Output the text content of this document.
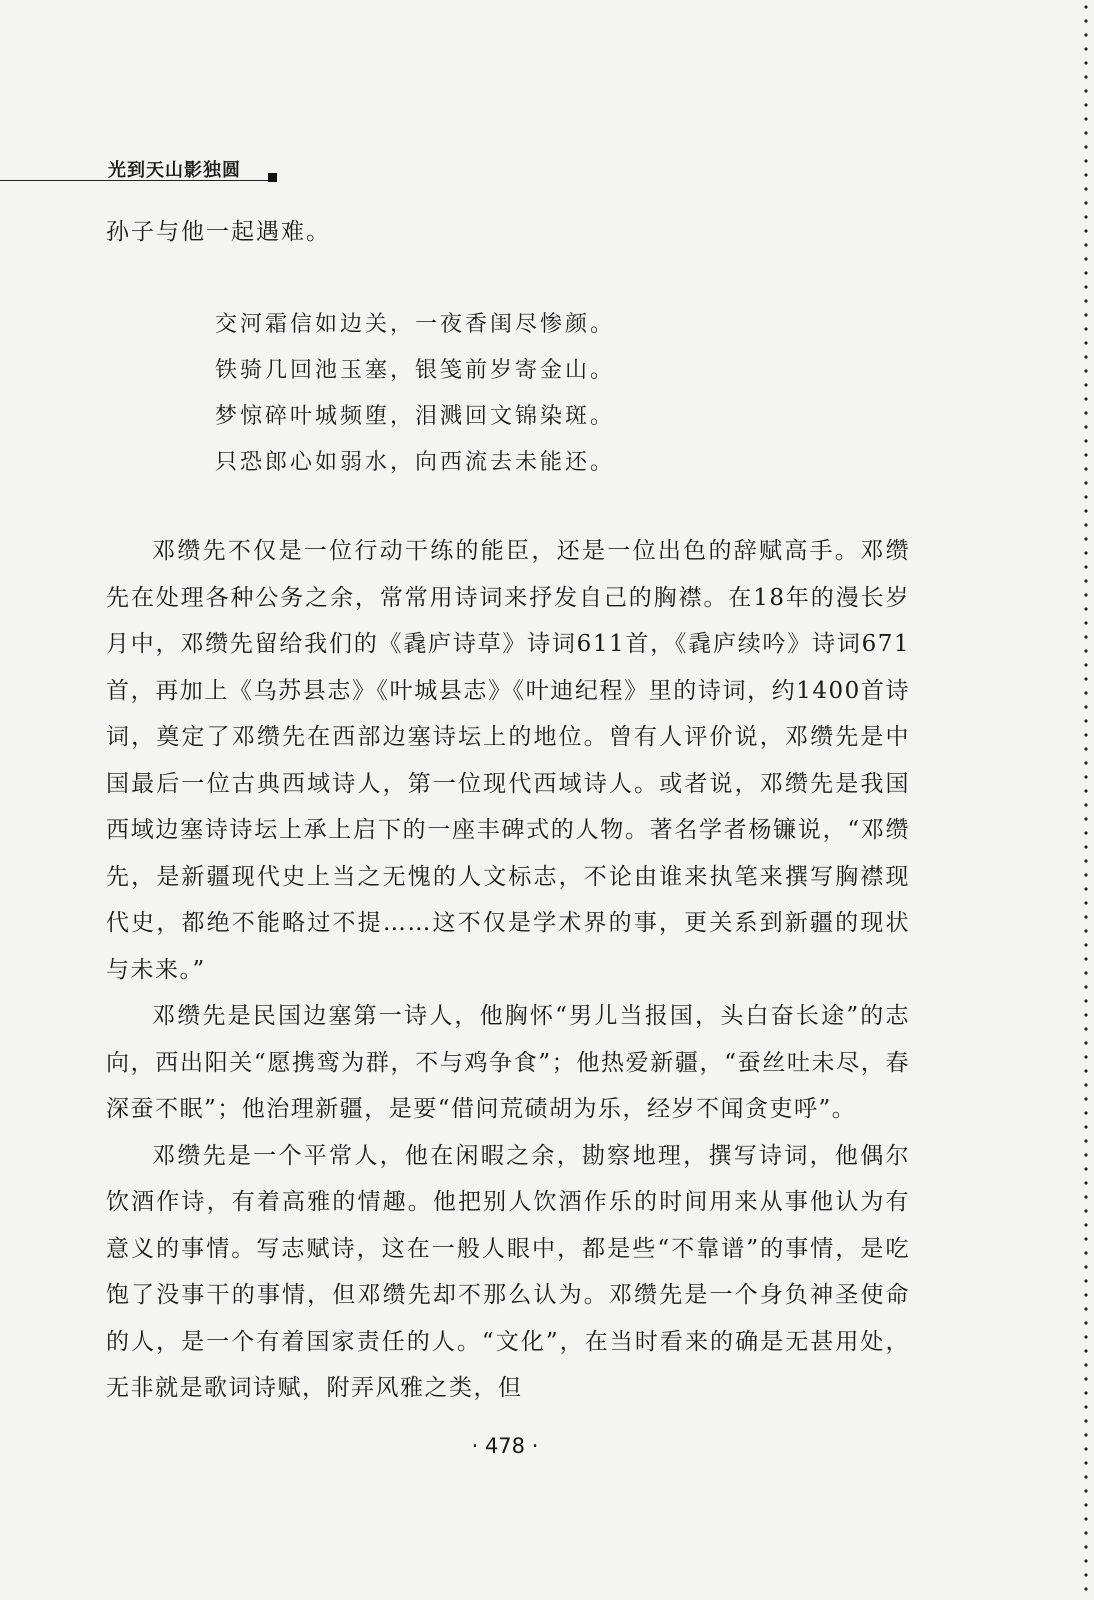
光到天山影独圆
孙子与他一起遇难。
交河霜信如边关，一夜香闺尽惨颜。
铁骑几回池玉塞，银笺前岁寄金山。
梦惊碎叶城频堕，泪溅回文锦染斑。
只恐郎心如弱水，向西流去未能还。

邓缵先不仅是一位行动干练的能臣，还是一位出色的辞赋高手。邓缵先在处理各种公务之余，常常用诗词来抒发自己的胸襟。在18年的漫长岁月中，邓缵先留给我们的《毳庐诗草》诗词611首，《毳庐续吟》诗词671首，再加上《乌苏县志》《叶城县志》《叶迪纪程》里的诗词，约1400首诗词，奠定了邓缵先在西部边塞诗坛上的地位。曾有人评价说，邓缵先是中国最后一位古典西域诗人，第一位现代西域诗人。或者说，邓缵先是我国西域边塞诗诗坛上承上启下的一座丰碑式的人物。著名学者杨镰说，“邓缵先，是新疆现代史上当之无愧的人文标志，不论由谁来执笔来撰写胸襟现代史，都绝不能略过不提……这不仅是学术界的事，更关系到新疆的现状与未来。”

邓缵先是民国边塞第一诗人，他胸怀“男儿当报国，头白奋长途”的志向，西出阳关“愿携鸾为群，不与鸡争食”；他热爱新疆，“蚕丝吐未尽，春深蚕不眠”；他治理新疆，是要“借问荒碛胡为乐，经岁不闻贪吏呼”。

邓缵先是一个平常人，他在闲暇之余，勘察地理，撰写诗词，他偶尔饮酒作诗，有着高雅的情趣。他把别人饮酒作乐的时间用来从事他认为有意义的事情。写志赋诗，这在一般人眼中，都是些“不靠谱”的事情，是吃饱了没事干的事情，但邓缵先却不那么认为。邓缵先是一个身负神圣使命的人，是一个有着国家责任的人。“文化”，在当时看来的确是无甚用处，无非就是歌词诗赋，附弄风雅之类，但

· 478 ·
